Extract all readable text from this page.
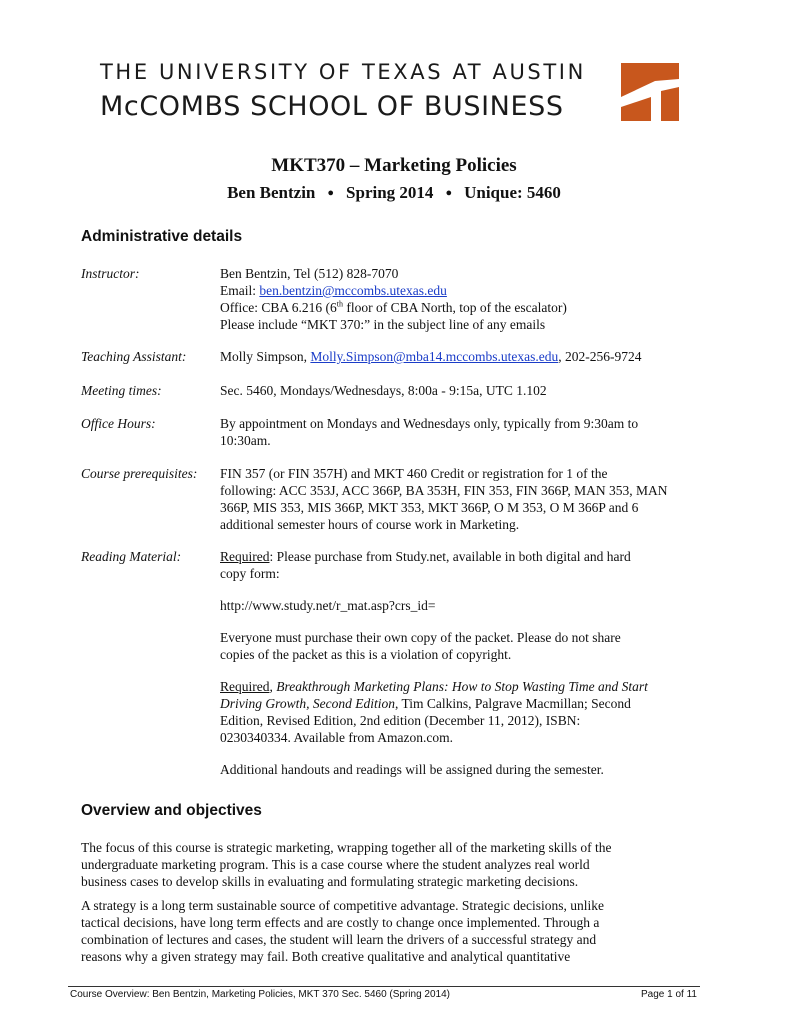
THE UNIVERSITY OF TEXAS AT AUSTIN
McCOMBS SCHOOL OF BUSINESS
MKT370 – Marketing Policies
Ben Bentzin ● Spring 2014 ● Unique: 5460
Administrative details
Instructor:	Ben Bentzin, Tel (512) 828-7070
Email: ben.bentzin@mccombs.utexas.edu
Office: CBA 6.216 (6th floor of CBA North, top of the escalator)
Please include “MKT 370:” in the subject line of any emails
Teaching Assistant: Molly Simpson, Molly.Simpson@mba14.mccombs.utexas.edu, 202-256-9724
Meeting times:	Sec. 5460, Mondays/Wednesdays, 8:00a - 9:15a, UTC 1.102
Office Hours:	By appointment on Mondays and Wednesdays only, typically from 9:30am to
10:30am.
Course prerequisites: FIN 357 (or FIN 357H) and MKT 460 Credit or registration for 1 of the
following: ACC 353J, ACC 366P, BA 353H, FIN 353, FIN 366P, MAN 353, MAN
366P, MIS 353, MIS 366P, MKT 353, MKT 366P, O M 353, O M 366P and 6
additional semester hours of course work in Marketing.
Reading Material:	Required: Please purchase from Study.net, available in both digital and hard
copy form:
http://www.study.net/r_mat.asp?crs_id=
Everyone must purchase their own copy of the packet. Please do not share
copies of the packet as this is a violation of copyright.
Required, Breakthrough Marketing Plans: How to Stop Wasting Time and Start
Driving Growth, Second Edition, Tim Calkins, Palgrave Macmillan; Second
Edition, Revised Edition, 2nd edition (December 11, 2012), ISBN:
0230340334. Available from Amazon.com.
Additional handouts and readings will be assigned during the semester.
Overview and objectives
The focus of this course is strategic marketing, wrapping together all of the marketing skills of the
undergraduate marketing program. This is a case course where the student analyzes real world
business cases to develop skills in evaluating and formulating strategic marketing decisions.
A strategy is a long term sustainable source of competitive advantage. Strategic decisions, unlike
tactical decisions, have long term effects and are costly to change once implemented. Through a
combination of lectures and cases, the student will learn the drivers of a successful strategy and
reasons why a given strategy may fail. Both creative qualitative and analytical quantitative
Course Overview: Ben Bentzin, Marketing Policies, MKT 370 Sec. 5460 (Spring 2014)	Page 1 of 11
